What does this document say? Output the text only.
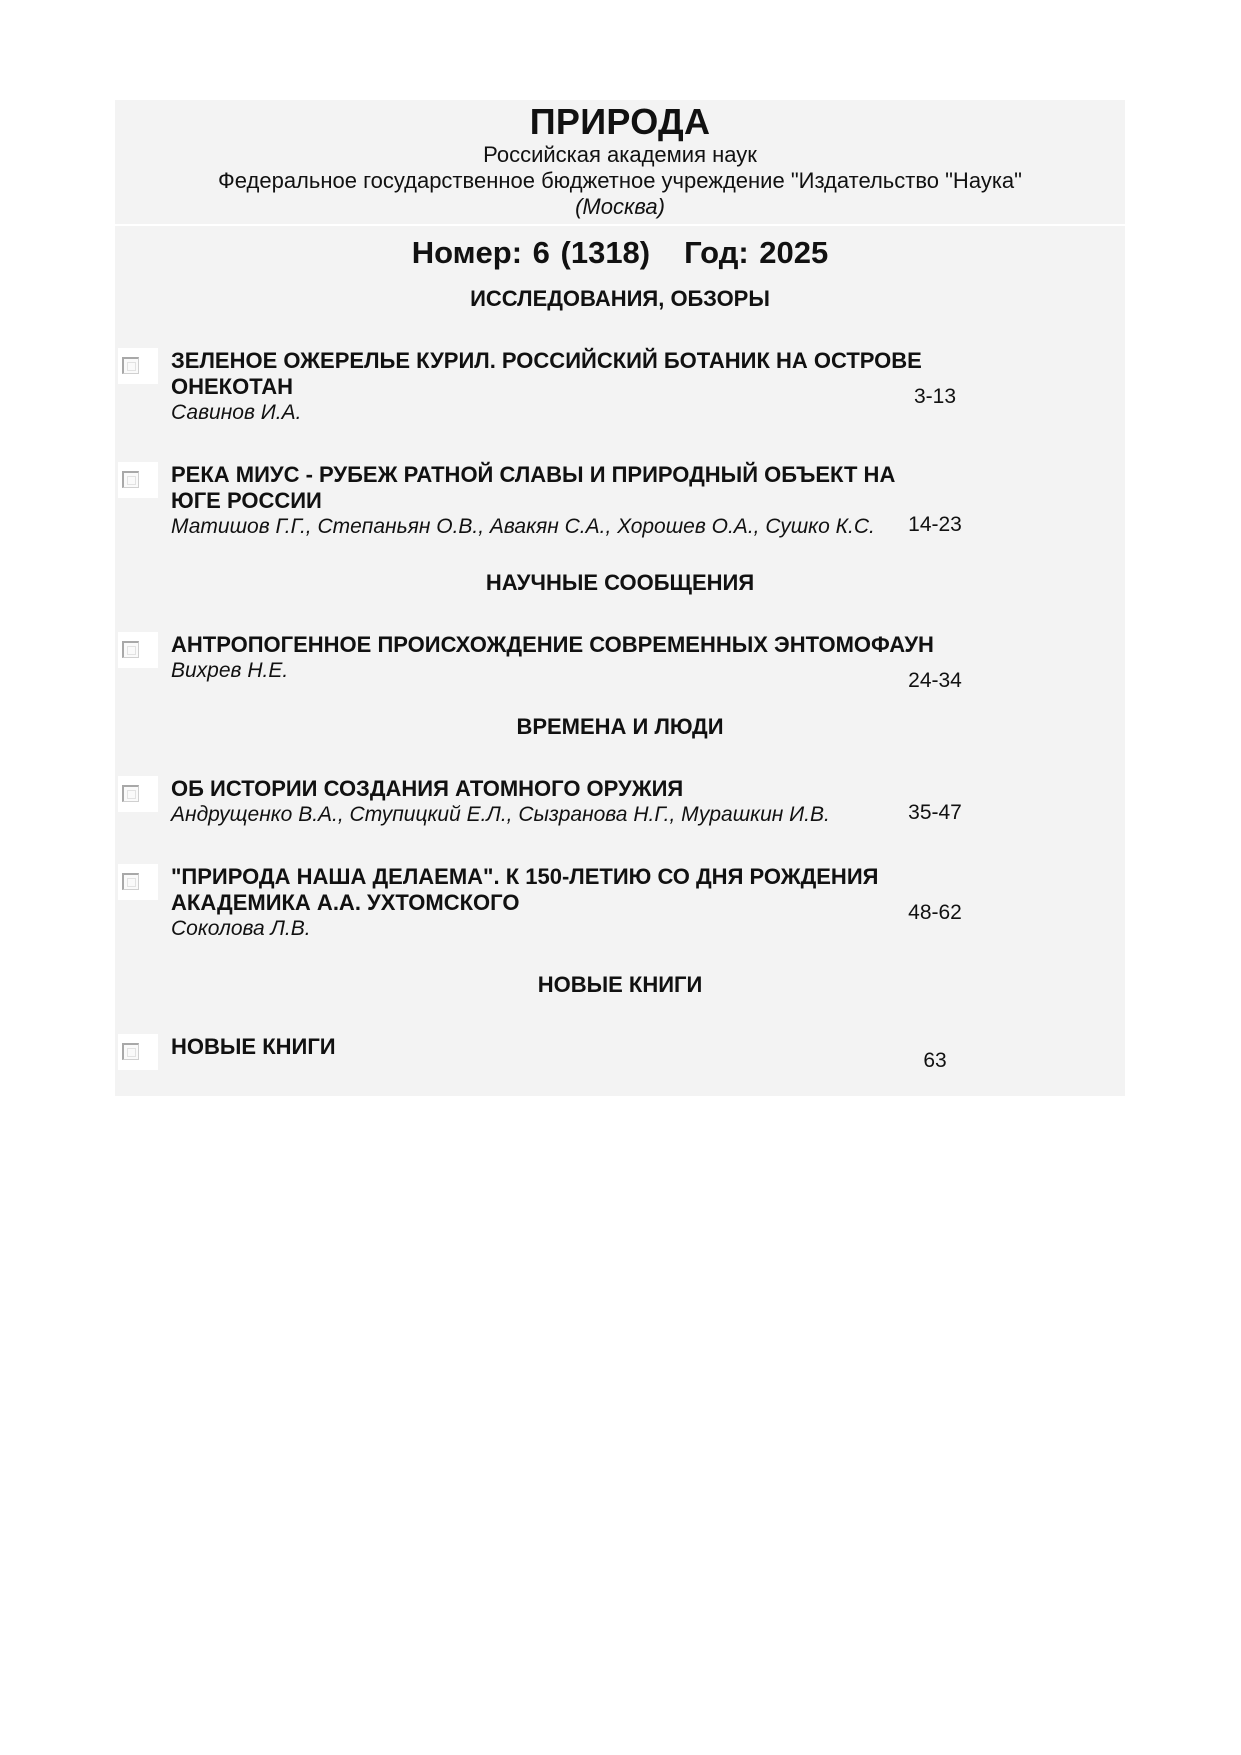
ПРИРОДА
Российская академия наук
Федеральное государственное бюджетное учреждение "Издательство "Наука"
(Москва)
Номер: 6 (1318) Год: 2025
ИССЛЕДОВАНИЯ, ОБЗОРЫ
ЗЕЛЕНОЕ ОЖЕРЕЛЬЕ КУРИЛ. РОССИЙСКИЙ БОТАНИК НА ОСТРОВЕ ОНЕКОТАН
Савинов И.А.
3-13
РЕКА МИУС - РУБЕЖ РАТНОЙ СЛАВЫ И ПРИРОДНЫЙ ОБЪЕКТ НА ЮГЕ РОССИИ
Матишов Г.Г., Степаньян О.В., Авакян С.А., Хорошев О.А., Сушко К.С.	14-23
НАУЧНЫЕ СООБЩЕНИЯ
АНТРОПОГЕННОЕ ПРОИСХОЖДЕНИЕ СОВРЕМЕННЫХ ЭНТОМОФАУН
Вихрев Н.Е.	24-34
ВРЕМЕНА И ЛЮДИ
ОБ ИСТОРИИ СОЗДАНИЯ АТОМНОГО ОРУЖИЯ
Андрущенко В.А., Ступицкий Е.Л., Сызранова Н.Г., Мурашкин И.В.	35-47
"ПРИРОДА НАША ДЕЛАЕМА". К 150-ЛЕТИЮ СО ДНЯ РОЖДЕНИЯ АКАДЕМИКА А.А. УХТОМСКОГО
Соколова Л.В.
48-62
НОВЫЕ КНИГИ
НОВЫЕ КНИГИ
63
